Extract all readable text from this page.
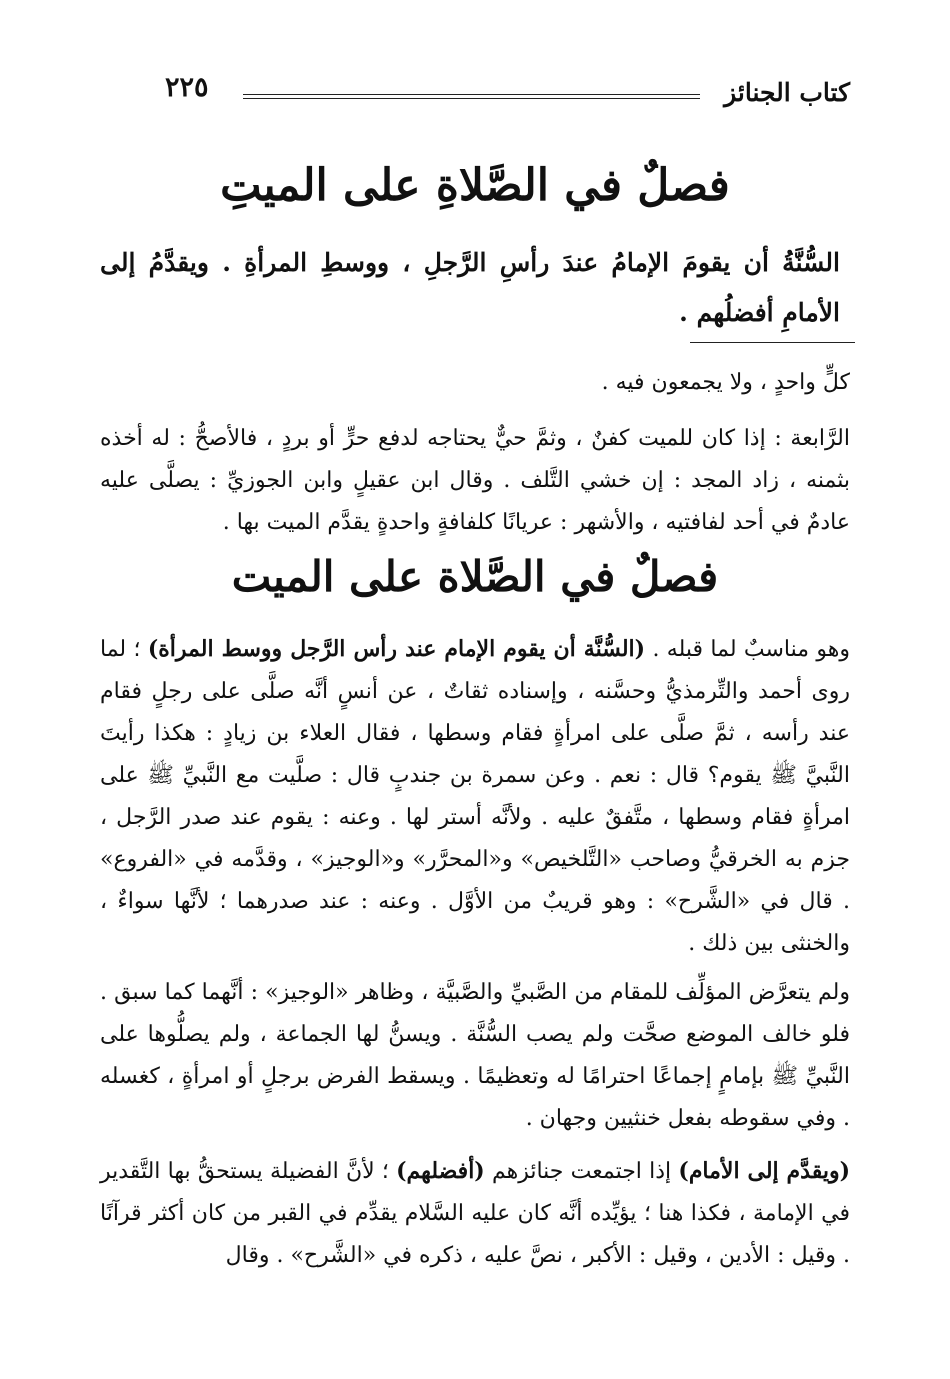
كتاب الجنائز
٢٢٥
فصلٌ في الصَّلاةِ على الميتِ
السُّنَّةُ أن يقومَ الإمامُ عندَ رأسِ الرَّجلِ ، ووسطِ المرأةِ . ويقدَّمُ إلى الأمامِ أفضلُهم .
كلٍّ واحدٍ ، ولا يجمعون فيه .
الرَّابعة : إذا كان للميت كفنٌ ، وثمَّ حيٌّ يحتاجه لدفع حرٍّ أو بردٍ ، فالأصحُّ : له أخذه بثمنه ، زاد المجد : إن خشي التَّلف . وقال ابن عقيلٍ وابن الجوزيِّ : يصلَّى عليه عادمٌ في أحد لفافتيه ، والأشهر : عريانًا كلفافةٍ واحدةٍ يقدَّم الميت بها .
فصلٌ في الصَّلاة على الميت
وهو مناسبٌ لما قبله . (السُّنَّة أن يقوم الإمام عند رأس الرَّجل ووسط المرأة) ؛ لما روى أحمد والتِّرمذيُّ وحسَّنه ، وإسناده ثقاتٌ ، عن أنسٍ أنَّه صلَّى على رجلٍ فقام عند رأسه ، ثمَّ صلَّى على امرأةٍ فقام وسطها ، فقال العلاء بن زيادٍ : هكذا رأيتَ النَّبيَّ ﷺ يقوم؟ قال : نعم . وعن سمرة بن جندبٍ قال : صلَّيت مع النَّبيِّ ﷺ على امرأةٍ فقام وسطها ، متَّفقٌ عليه . ولأنَّه أستر لها . وعنه : يقوم عند صدر الرَّجل ، جزم به الخرقيُّ وصاحب «التَّلخيص» و«المحرَّر» و«الوجيز» ، وقدَّمه في «الفروع» . قال في «الشَّرح» : وهو قريبٌ من الأوَّل . وعنه : عند صدرهما ؛ لأنَّها سواءٌ ، والخنثى بين ذلك .
ولم يتعرَّض المؤلِّف للمقام من الصَّبيِّ والصَّبيَّة ، وظاهر «الوجيز» : أنَّهما كما سبق . فلو خالف الموضع صحَّت ولم يصب السُّنَّة . ويسنُّ لها الجماعة ، ولم يصلُّوها على النَّبيِّ ﷺ بإمامٍ إجماعًا احترامًا له وتعظيمًا . ويسقط الفرض برجلٍ أو امرأةٍ ، كغسله . وفي سقوطه بفعل خنثيين وجهان .
(ويقدَّم إلى الأمام) إذا اجتمعت جنائزهم (أفضلهم) ؛ لأنَّ الفضيلة يستحقُّ بها التَّقدير في الإمامة ، فكذا هنا ؛ يؤيِّده أنَّه كان عليه السَّلام يقدِّم في القبر من كان أكثر قرآنًا . وقيل : الأدين ، وقيل : الأكبر ، نصَّ عليه ، ذكره في «الشَّرح» . وقال
